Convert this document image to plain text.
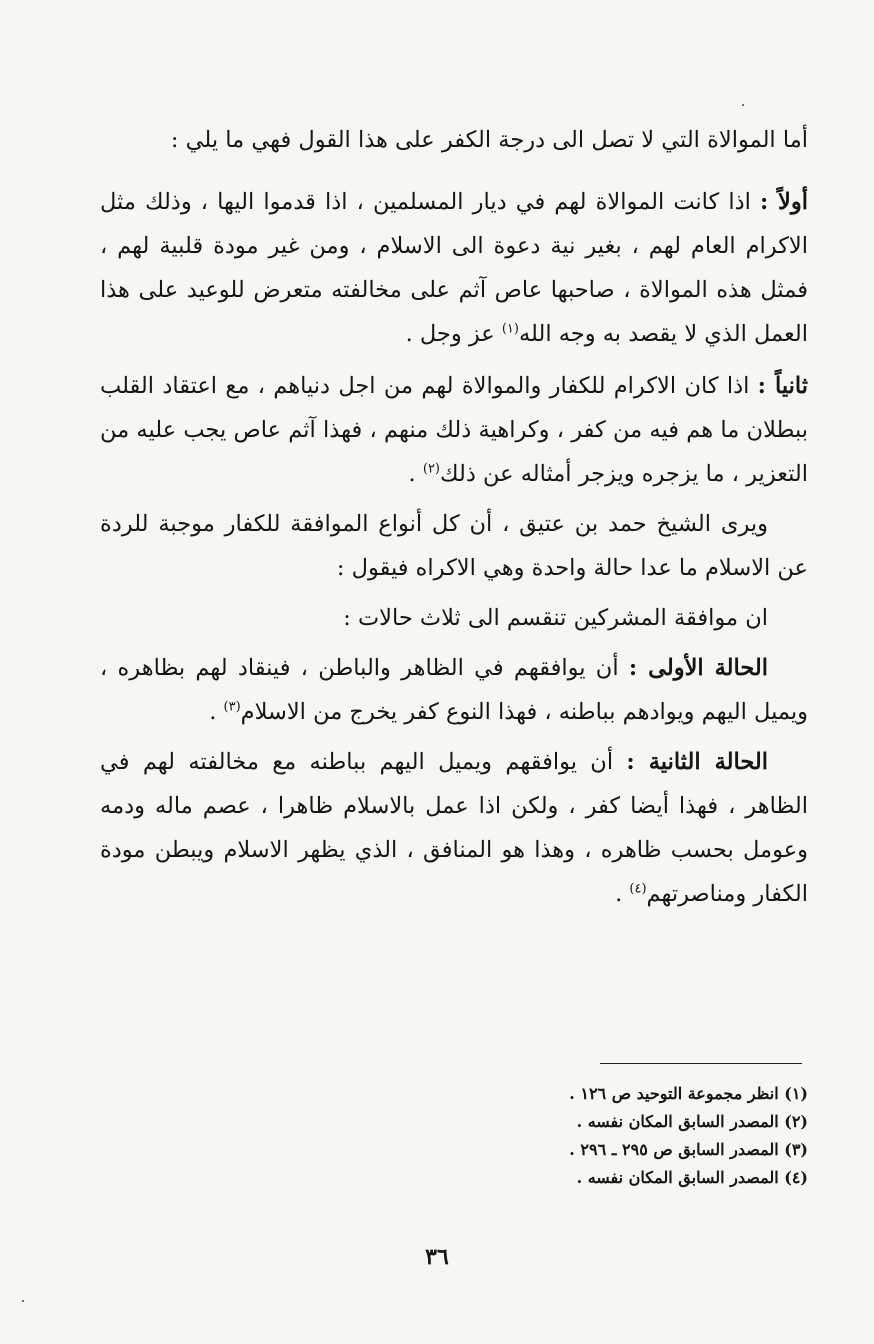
أما الموالاة التي لا تصل الى درجة الكفر على هذا القول فهي ما يلي :

أولاً : اذا كانت الموالاة لهم في ديار المسلمين ، اذا قدموا اليها ، وذلك مثل الاكرام العام لهم ، بغير نية دعوة الى الاسلام ، ومن غير مودة قلبية لهم ، فمثل هذه الموالاة ، صاحبها عاص آثم على مخالفته متعرض للوعيد على هذا العمل الذي لا يقصد به وجه الله$^{(١)}$ عز وجل .

ثانياً : اذا كان الاكرام للكفار والموالاة لهم من اجل دنياهم ، مع اعتقاد القلب ببطلان ما هم فيه من كفر ، وكراهية ذلك منهم ، فهذا آثم عاص يجب عليه من التعزير ، ما يزجره ويزجر أمثاله عن ذلك$^{(٢)}$ .

ويرى الشيخ حمد بن عتيق ، أن كل أنواع الموافقة للكفار موجبة للردة عن الاسلام ما عدا حالة واحدة وهي الاكراه فيقول :

ان موافقة المشركين تنقسم الى ثلاث حالات :

الحالة الأولى : أن يوافقهم في الظاهر والباطن ، فينقاد لهم بظاهره ، ويميل اليهم ويوادهم بباطنه ، فهذا النوع كفر يخرج من الاسلام$^{(٣)}$ .

الحالة الثانية : أن يوافقهم ويميل اليهم بباطنه مع مخالفته لهم في الظاهر ، فهذا أيضا كفر ، ولكن اذا عمل بالاسلام ظاهرا ، عصم ماله ودمه وعومل بحسب ظاهره ، وهذا هو المنافق ، الذي يظهر الاسلام ويبطن مودة الكفار ومناصرتهم$^{(٤)}$ .

(١) انظر مجموعة التوحيد ص ١٢٦ .
(٢) المصدر السابق المكان نفسه .
(٣) المصدر السابق ص ٢٩٥ ـ ٢٩٦ .
(٤) المصدر السابق المكان نفسه .
٣٦
